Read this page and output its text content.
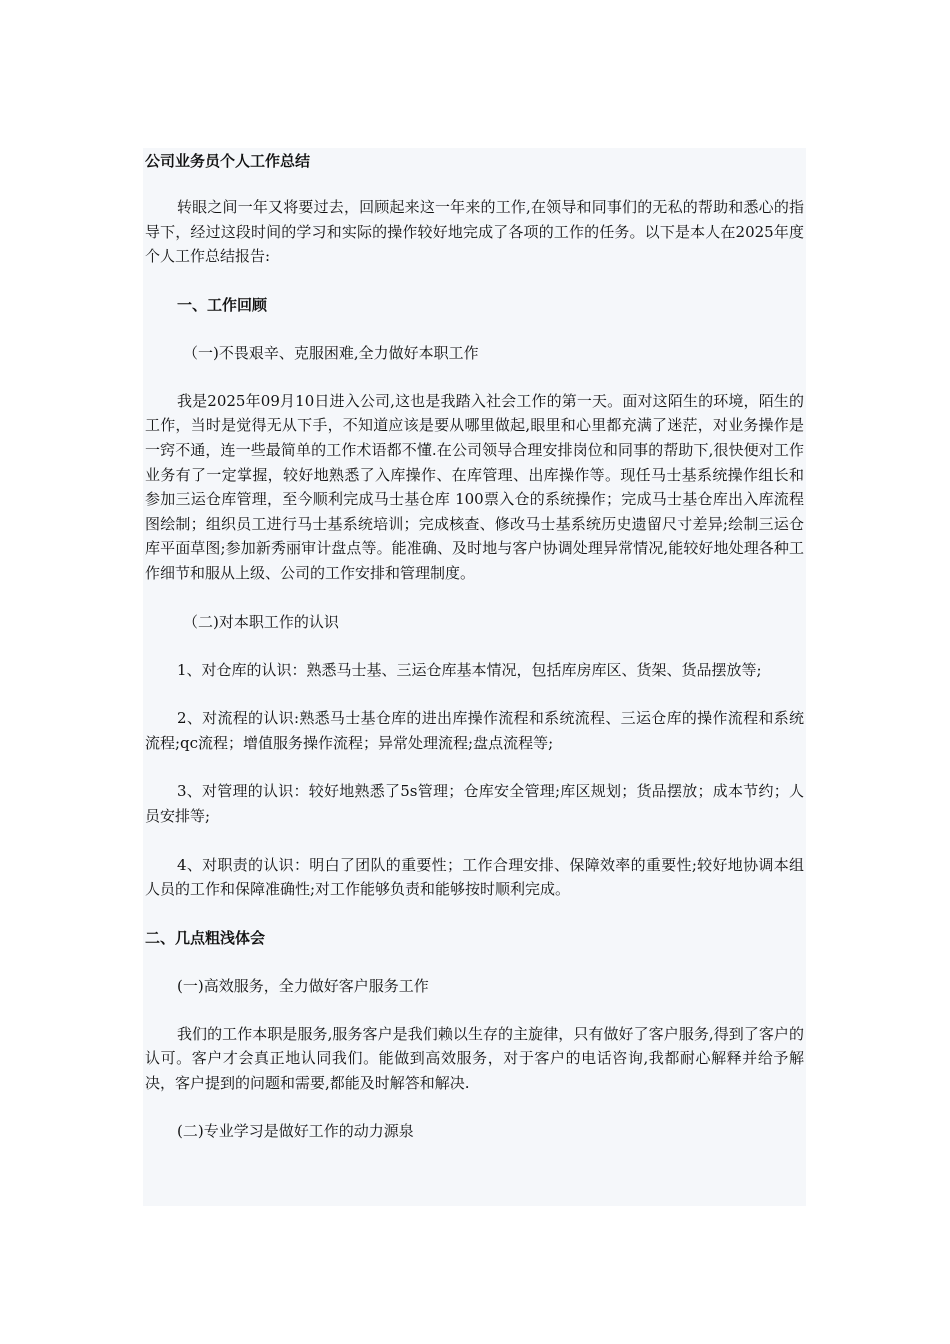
公司业务员个人工作总结

转眼之间一年又将要过去，回顾起来这一年来的工作,在领导和同事们的无私的帮助和悉心的指导下，经过这段时间的学习和实际的操作较好地完成了各项的工作的任务。以下是本人在2025年度个人工作总结报告:

一、工作回顾

（一)不畏艰辛、克服困难,全力做好本职工作

我是2025年09月10日进入公司,这也是我踏入社会工作的第一天。面对这陌生的环境，陌生的工作，当时是觉得无从下手，不知道应该是要从哪里做起,眼里和心里都充满了迷茫，对业务操作是一窍不通，连一些最简单的工作术语都不懂.在公司领导合理安排岗位和同事的帮助下,很快便对工作业务有了一定掌握，较好地熟悉了入库操作、在库管理、出库操作等。现任马士基系统操作组长和参加三运仓库管理，至今顺利完成马士基仓库 100票入仓的系统操作；完成马士基仓库出入库流程图绘制；组织员工进行马士基系统培训；完成核查、修改马士基系统历史遗留尺寸差异;绘制三运仓库平面草图;参加新秀丽审计盘点等。能准确、及时地与客户协调处理异常情况,能较好地处理各种工作细节和服从上级、公司的工作安排和管理制度。

（二)对本职工作的认识

1、对仓库的认识：熟悉马士基、三运仓库基本情况，包括库房库区、货架、货品摆放等;

2、对流程的认识:熟悉马士基仓库的进出库操作流程和系统流程、三运仓库的操作流程和系统流程;qc流程；增值服务操作流程；异常处理流程;盘点流程等;

3、对管理的认识：较好地熟悉了5s管理；仓库安全管理;库区规划；货品摆放；成本节约；人员安排等;

4、对职责的认识：明白了团队的重要性；工作合理安排、保障效率的重要性;较好地协调本组人员的工作和保障准确性;对工作能够负责和能够按时顺利完成。

二、几点粗浅体会

(一)高效服务，全力做好客户服务工作

我们的工作本职是服务,服务客户是我们赖以生存的主旋律，只有做好了客户服务,得到了客户的认可。客户才会真正地认同我们。能做到高效服务，对于客户的电话咨询,我都耐心解释并给予解决，客户提到的问题和需要,都能及时解答和解决.

(二)专业学习是做好工作的动力源泉
